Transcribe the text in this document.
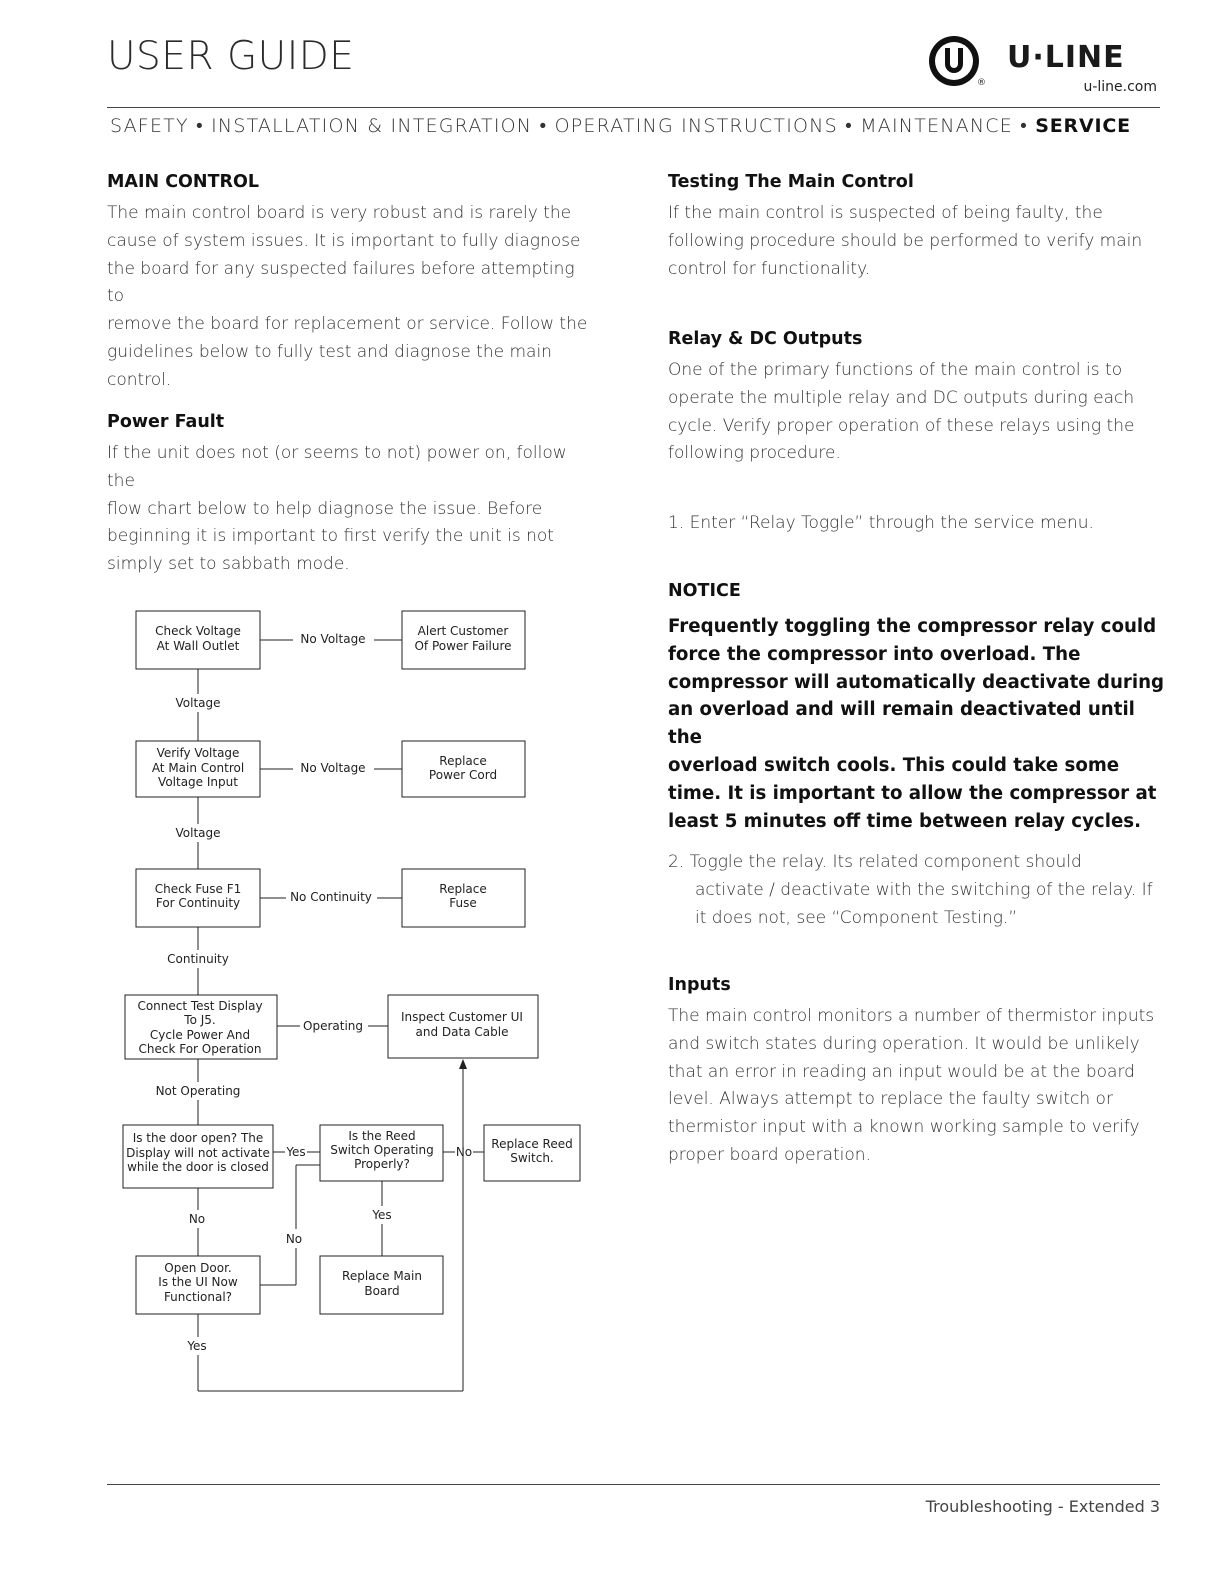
USER GUIDE
®
U·LINE
u-line.com
SAFETY • INSTALLATION & INTEGRATION • OPERATING INSTRUCTIONS • MAINTENANCE • SERVICE

MAIN CONTROL

The main control board is very robust and is rarely the

cause of system issues. It is important to fully diagnose

the board for any suspected failures before attempting to

remove the board for replacement or service. Follow the

guidelines below to fully test and diagnose the main

control.

Power Fault

If the unit does not (or seems to not) power on, follow the

flow chart below to help diagnose the issue. Before

beginning it is important to first verify the unit is not

simply set to sabbath mode.

Check Voltage
At Wall Outlet
Alert Customer
Of Power Failure
Verify Voltage
At Main Control
Voltage Input
Replace
Power Cord
Check Fuse F1
For Continuity
Replace
Fuse
Connect Test Display
To J5.
Cycle Power And
Check For Operation
Inspect Customer UI
and Data Cable
Is the door open? The
Display will not activate
while the door is closed
Is the Reed
Switch Operating
Properly?
Replace Reed
Switch.
Open Door.
Is the UI Now
Functional?
Replace Main
Board
No Voltage
Voltage
No Voltage
Voltage
No Continuity
Continuity
Operating
Not Operating
Yes	No
No	Yes
No
Yes

Testing The Main Control

If the main control is suspected of being faulty, the

following procedure should be performed to verify main

control for functionality.

Relay & DC Outputs

One of the primary functions of the main control is to

operate the multiple relay and DC outputs during each

cycle. Verify proper operation of these relays using the

following procedure.

1. Enter “Relay Toggle” through the service menu.

NOTICE

Frequently toggling the compressor relay could

force the compressor into overload. The

compressor will automatically deactivate during

an overload and will remain deactivated until the

overload switch cools. This could take some

time. It is important to allow the compressor at

least 5 minutes off time between relay cycles.

2. Toggle the relay. Its related component should

activate / deactivate with the switching of the relay. If

it does not, see “Component Testing.”

Inputs

The main control monitors a number of thermistor inputs

and switch states during operation. It would be unlikely

that an error in reading an input would be at the board

level. Always attempt to replace the faulty switch or

thermistor input with a known working sample to verify

proper board operation.

Troubleshooting - Extended 3
